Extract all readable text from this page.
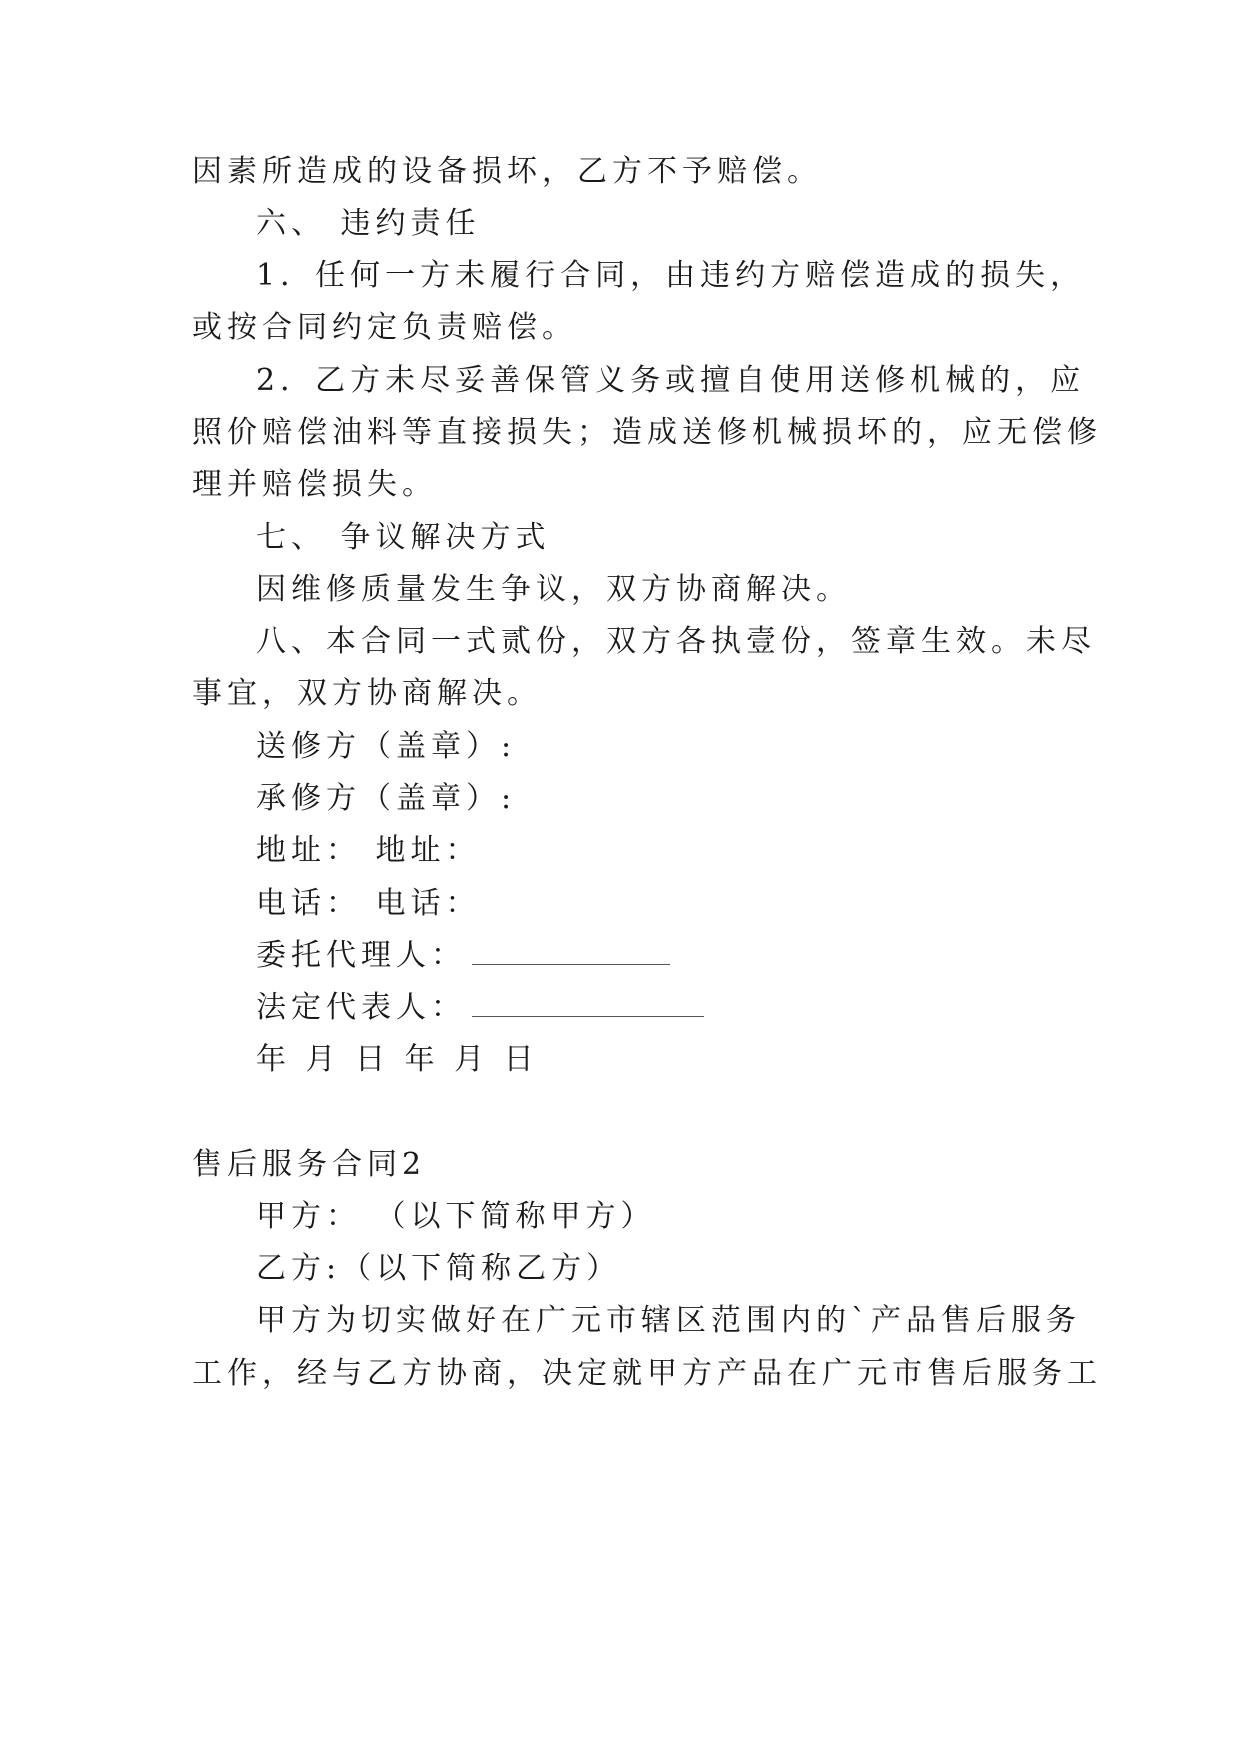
因素所造成的设备损坏，乙方不予赔偿。
六、 违约责任
1．任何一方未履行合同，由违约方赔偿造成的损失，
或按合同约定负责赔偿。
2．乙方未尽妥善保管义务或擅自使用送修机械的，应
照价赔偿油料等直接损失；造成送修机械损坏的，应无偿修
理并赔偿损失。
七、 争议解决方式
因维修质量发生争议，双方协商解决。
八、本合同一式贰份，双方各执壹份，签章生效。未尽
事宜，双方协商解决。
送修方（盖章）:
承修方（盖章）:
地址： 地址：
电话： 电话：
委托代理人：
法定代表人：
年 月 日 年 月 日
售后服务合同2
甲方： （以下简称甲方）
乙方:（以下简称乙方）
甲方为切实做好在广元市辖区范围内的`产品售后服务
工作，经与乙方协商，决定就甲方产品在广元市售后服务工
